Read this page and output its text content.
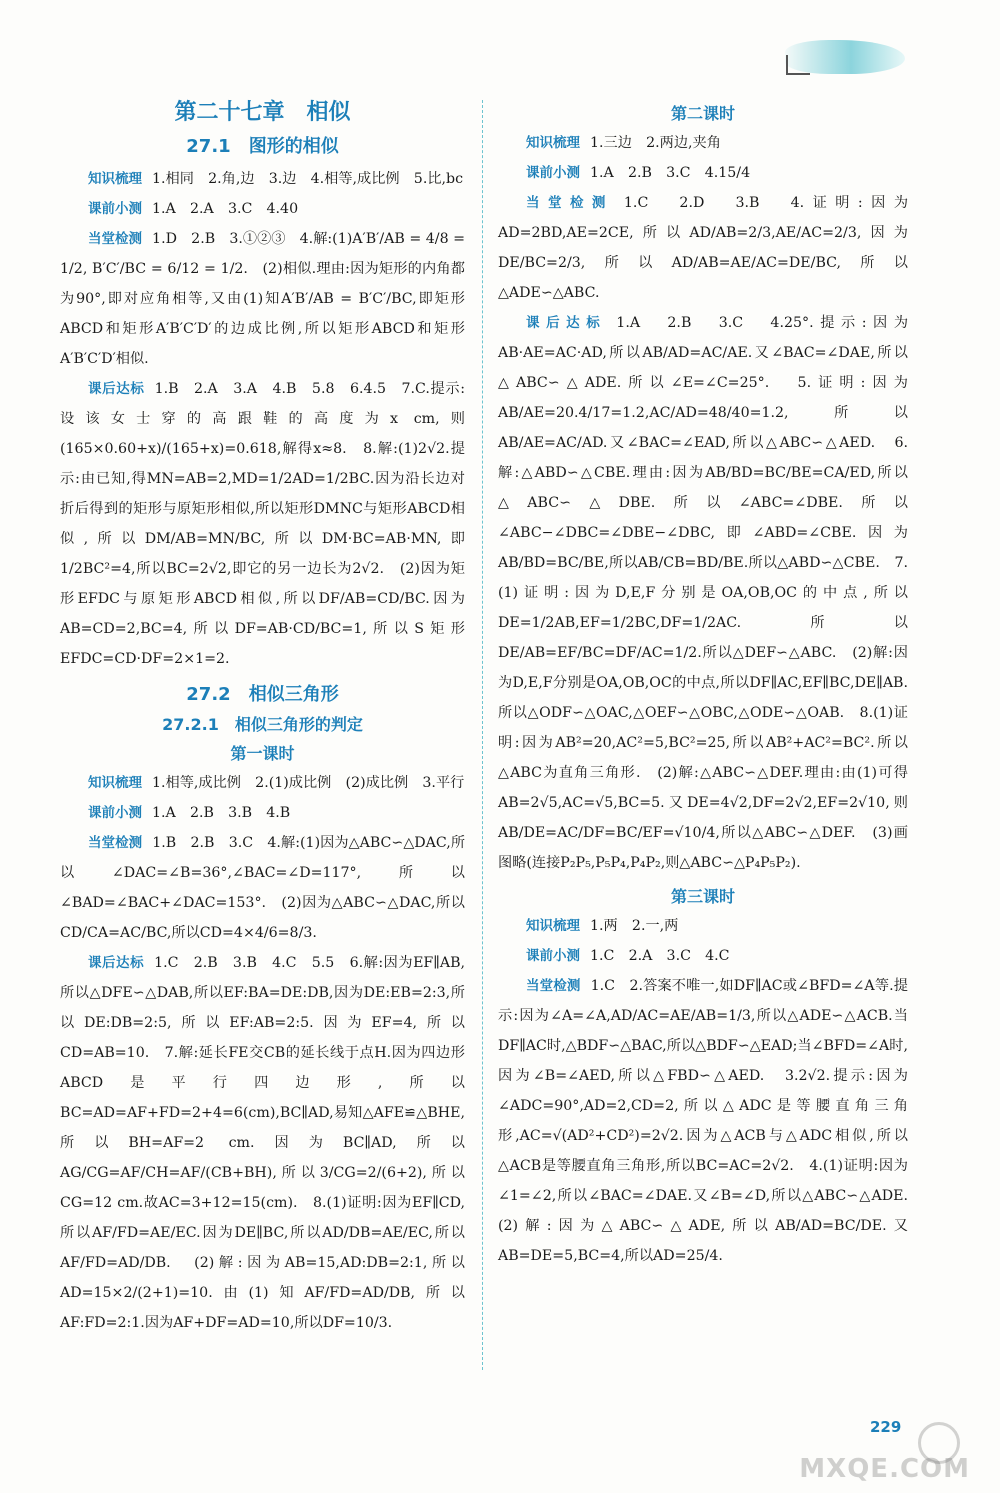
第二十七章　相似
27.1　图形的相似

知识梳理 1.相同　2.角,边　3.边　4.相等,成比例　5.比,bc

课前小测 1.A　2.A　3.C　4.40

当堂检测 1.D　2.B　3.①②③　4.解:(1)A′B′/AB = 4/8 = 1/2, B′C′/BC = 6/12 = 1/2.　(2)相似.理由:因为矩形的内角都为90°,即对应角相等,又由(1)知A′B′/AB = B′C′/BC,即矩形ABCD和矩形A′B′C′D′的边成比例,所以矩形ABCD和矩形A′B′C′D′相似.

课后达标 1.B　2.A　3.A　4.B　5.8　6.4.5　7.C.提示:设该女士穿的高跟鞋的高度为x cm,则(165×0.60+x)/(165+x)=0.618,解得x≈8.　8.解:(1)2√2.提示:由已知,得MN=AB=2,MD=1/2AD=1/2BC.因为沿长边对折后得到的矩形与原矩形相似,所以矩形DMNC与矩形ABCD相似,所以DM/AB=MN/BC,所以DM·BC=AB·MN,即1/2BC²=4,所以BC=2√2,即它的另一边长为2√2.　(2)因为矩形EFDC与原矩形ABCD相似,所以DF/AB=CD/BC.因为AB=CD=2,BC=4,所以DF=AB·CD/BC=1,所以S矩形EFDC=CD·DF=2×1=2.

27.2　相似三角形
27.2.1　相似三角形的判定
第一课时

知识梳理 1.相等,成比例　2.(1)成比例　(2)成比例　3.平行

课前小测 1.A　2.B　3.B　4.B

当堂检测 1.B　2.B　3.C　4.解:(1)因为△ABC∽△DAC,所以∠DAC=∠B=36°,∠BAC=∠D=117°,所以∠BAD=∠BAC+∠DAC=153°.　(2)因为△ABC∽△DAC,所以CD/CA=AC/BC,所以CD=4×4/6=8/3.

课后达标 1.C　2.B　3.B　4.C　5.5　6.解:因为EF∥AB,所以△DFE∽△DAB,所以EF:BA=DE:DB,因为DE:EB=2:3,所以DE:DB=2:5,所以EF:AB=2:5.因为EF=4,所以CD=AB=10.　7.解:延长FE交CB的延长线于点H.因为四边形ABCD是平行四边形,所以BC=AD=AF+FD=2+4=6(cm),BC∥AD,易知△AFE≌△BHE,所以BH=AF=2 cm.因为BC∥AD,所以AG/CG=AF/CH=AF/(CB+BH),所以3/CG=2/(6+2),所以CG=12 cm.故AC=3+12=15(cm).　8.(1)证明:因为EF∥CD,所以AF/FD=AE/EC.因为DE∥BC,所以AD/DB=AE/EC,所以AF/FD=AD/DB.　(2)解:因为AB=15,AD:DB=2:1,所以AD=15×2/(2+1)=10.由(1)知AF/FD=AD/DB,所以AF:FD=2:1.因为AF+DF=AD=10,所以DF=10/3.

第二课时

知识梳理 1.三边　2.两边,夹角

课前小测 1.A　2.B　3.C　4.15/4

当堂检测 1.C　2.D　3.B　4.证明:因为AD=2BD,AE=2CE,所以AD/AB=2/3,AE/AC=2/3,因为DE/BC=2/3,所以AD/AB=AE/AC=DE/BC,所以△ADE∽△ABC.

课后达标 1.A　2.B　3.C　4.25°.提示:因为AB·AE=AC·AD,所以AB/AD=AC/AE.又∠BAC=∠DAE,所以△ABC∽△ADE.所以∠E=∠C=25°.　5.证明:因为AB/AE=20.4/17=1.2,AC/AD=48/40=1.2,所以AB/AE=AC/AD.又∠BAC=∠EAD,所以△ABC∽△AED.　6.解:△ABD∽△CBE.理由:因为AB/BD=BC/BE=CA/ED,所以△ABC∽△DBE.所以∠ABC=∠DBE.所以∠ABC−∠DBC=∠DBE−∠DBC,即∠ABD=∠CBE.因为AB/BD=BC/BE,所以AB/CB=BD/BE.所以△ABD∽△CBE.　7.(1)证明:因为D,E,F分别是OA,OB,OC的中点,所以DE=1/2AB,EF=1/2BC,DF=1/2AC.所以DE/AB=EF/BC=DF/AC=1/2.所以△DEF∽△ABC.　(2)解:因为D,E,F分别是OA,OB,OC的中点,所以DF∥AC,EF∥BC,DE∥AB.所以△ODF∽△OAC,△OEF∽△OBC,△ODE∽△OAB.　8.(1)证明:因为AB²=20,AC²=5,BC²=25,所以AB²+AC²=BC².所以△ABC为直角三角形.　(2)解:△ABC∽△DEF.理由:由(1)可得AB=2√5,AC=√5,BC=5.又DE=4√2,DF=2√2,EF=2√10,则AB/DE=AC/DF=BC/EF=√10/4,所以△ABC∽△DEF.　(3)画图略(连接P₂P₅,P₅P₄,P₄P₂,则△ABC∽△P₄P₅P₂).

第三课时

知识梳理 1.两　2.一,两

课前小测 1.C　2.A　3.C　4.C

当堂检测 1.C　2.答案不唯一,如DF∥AC或∠BFD=∠A等.提示:因为∠A=∠A,AD/AC=AE/AB=1/3,所以△ADE∽△ACB.当DF∥AC时,△BDF∽△BAC,所以△BDF∽△EAD;当∠BFD=∠A时,因为∠B=∠AED,所以△FBD∽△AED.　3.2√2.提示:因为∠ADC=90°,AD=2,CD=2,所以△ADC是等腰直角三角形,AC=√(AD²+CD²)=2√2.因为△ACB与△ADC相似,所以△ACB是等腰直角三角形,所以BC=AC=2√2.　4.(1)证明:因为∠1=∠2,所以∠BAC=∠DAE.又∠B=∠D,所以△ABC∽△ADE.　(2)解:因为△ABC∽△ADE,所以AB/AD=BC/DE.又AB=DE=5,BC=4,所以AD=25/4.

229
MXQE.COM
